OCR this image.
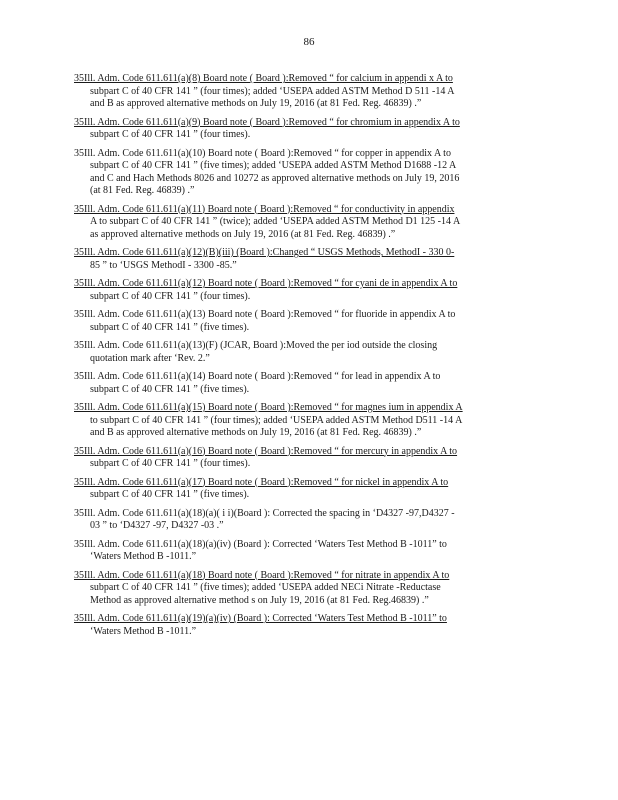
86
35Ill. Adm. Code 611.611(a)(8) Board note ( Board ):Removed “ for calcium in appendi x A to
subpart C of 40 CFR 141 ” (four times); added ‘USEPA added ASTM Method D 511 -14 A
and B as approved alternative methods on July 19, 2016 (at 81 Fed. Reg. 46839) .”
35Ill. Adm. Code 611.611(a)(9) Board note ( Board ):Removed “ for chromium in appendix A to
subpart C of 40 CFR 141 ” (four times).
35Ill. Adm. Code 611.611(a)(10) Board note ( Board ):Removed “ for copper in appendix A to
subpart C of 40 CFR 141 ” (five times); added ‘USEPA added ASTM Method D1688 -12 A
and C and Hach Methods 8026 and 10272 as approved alternative methods on July 19, 2016
(at 81 Fed. Reg. 46839) .”
35Ill. Adm. Code 611.611(a)(11) Board note ( Board ):Removed “ for conductivity in appendix
A to subpart C of 40 CFR 141 ” (twice); added ‘USEPA added ASTM Method D1 125 -14 A
as approved alternative methods on July 19, 2016 (at 81 Fed. Reg. 46839) .”
35Ill. Adm. Code 611.611(a)(12)(B)(iii) (Board ):Changed “ USGS Methods, MethodI - 330 0-
85 ” to ‘USGS MethodI - 3300 -85.”
35Ill. Adm. Code 611.611(a)(12) Board note ( Board ):Removed “ for cyani de in appendix A to
subpart C of 40 CFR 141 ” (four times).
35Ill. Adm. Code 611.611(a)(13) Board note ( Board ):Removed “ for fluoride in appendix A to
subpart C of 40 CFR 141 ” (five times).
35Ill. Adm. Code 611.611(a)(13)(F) (JCAR, Board ):Moved the per iod outside the closing
quotation mark after ‘Rev. 2.”
35Ill. Adm. Code 611.611(a)(14) Board note ( Board ):Removed “ for lead in appendix A to
subpart C of 40 CFR 141 ” (five times).
35Ill. Adm. Code 611.611(a)(15) Board note ( Board ):Removed “ for magnes ium in appendix A
to subpart C of 40 CFR 141 ” (four times); added ‘USEPA added ASTM Method D511 -14 A
and B as approved alternative methods on July 19, 2016 (at 81 Fed. Reg. 46839) .”
35Ill. Adm. Code 611.611(a)(16) Board note ( Board ):Removed “ for mercury in appendix A to
subpart C of 40 CFR 141 ” (four times).
35Ill. Adm. Code 611.611(a)(17) Board note ( Board ):Removed “ for nickel in appendix A to
subpart C of 40 CFR 141 ” (five times).
35Ill. Adm. Code 611.611(a)(18)(a)( i i)(Board ): Corrected the spacing in ‘D4327 -97,D4327 -
03 ” to ‘D4327 -97, D4327 -03 .”
35Ill. Adm. Code 611.611(a)(18)(a)(iv) (Board ): Corrected ‘Waters Test Method B -1011” to
‘Waters Method B -1011.”
35Ill. Adm. Code 611.611(a)(18) Board note ( Board ):Removed “ for nitrate in appendix A to
subpart C of 40 CFR 141 ” (five times); added ‘USEPA added NECi Nitrate -Reductase
Method as approved alternative method s on July 19, 2016 (at 81 Fed. Reg.46839) .”
35Ill. Adm. Code 611.611(a)(19)(a)(iv) (Board ): Corrected ‘Waters Test Method B -1011” to
‘Waters Method B -1011.”
